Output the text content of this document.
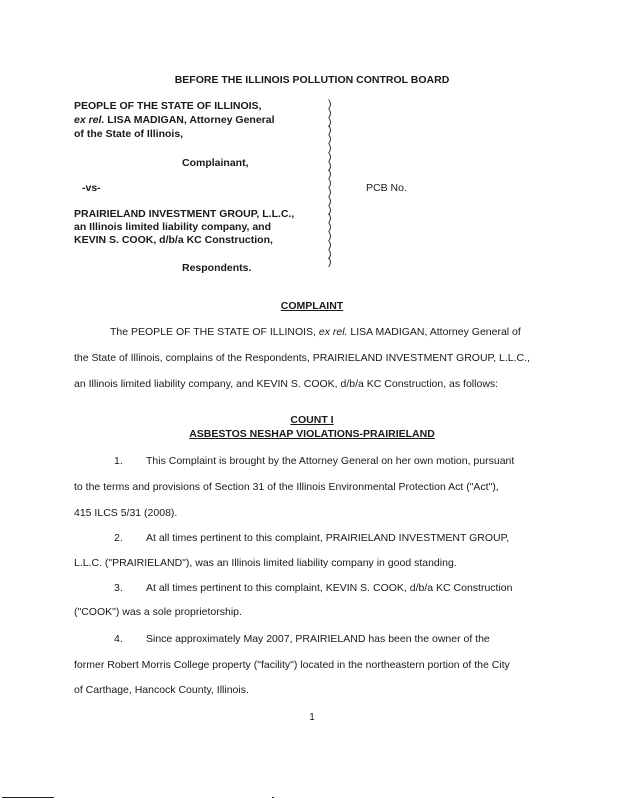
BEFORE THE ILLINOIS POLLUTION CONTROL BOARD
PEOPLE OF THE STATE OF ILLINOIS,
ex rel. LISA MADIGAN, Attorney General
of the State of Illinois,
Complainant,
-vs-
PRAIRIELAND INVESTMENT GROUP, L.L.C.,
an Illinois limited liability company, and
KEVIN S. COOK, d/b/a KC Construction,
Respondents.
)
)
)
)
)
)
)
)
)
)
)
)
)
)
)
)
)
)
)
PCB No.
COMPLAINT
The PEOPLE OF THE STATE OF ILLINOIS, ex rel. LISA MADIGAN, Attorney General of
the State of Illinois, complains of the Respondents, PRAIRIELAND INVESTMENT GROUP, L.L.C.,
an Illinois limited liability company, and KEVIN S. COOK, d/b/a KC Construction, as follows:
COUNT I
ASBESTOS NESHAP VIOLATIONS-PRAIRIELAND
1. This Complaint is brought by the Attorney General on her own motion, pursuant
to the terms and provisions of Section 31 of the Illinois Environmental Protection Act ("Act"),
415 ILCS 5/31 (2008).
2. At all times pertinent to this complaint, PRAIRIELAND INVESTMENT GROUP,
L.L.C. ("PRAIRIELAND"), was an Illinois limited liability company in good standing.
3. At all times pertinent to this complaint, KEVIN S. COOK, d/b/a KC Construction
("COOK") was a sole proprietorship.
4. Since approximately May 2007, PRAIRIELAND has been the owner of the
former Robert Morris College property ("facility") located in the northeastern portion of the City
of Carthage, Hancock County, Illinois.
1
